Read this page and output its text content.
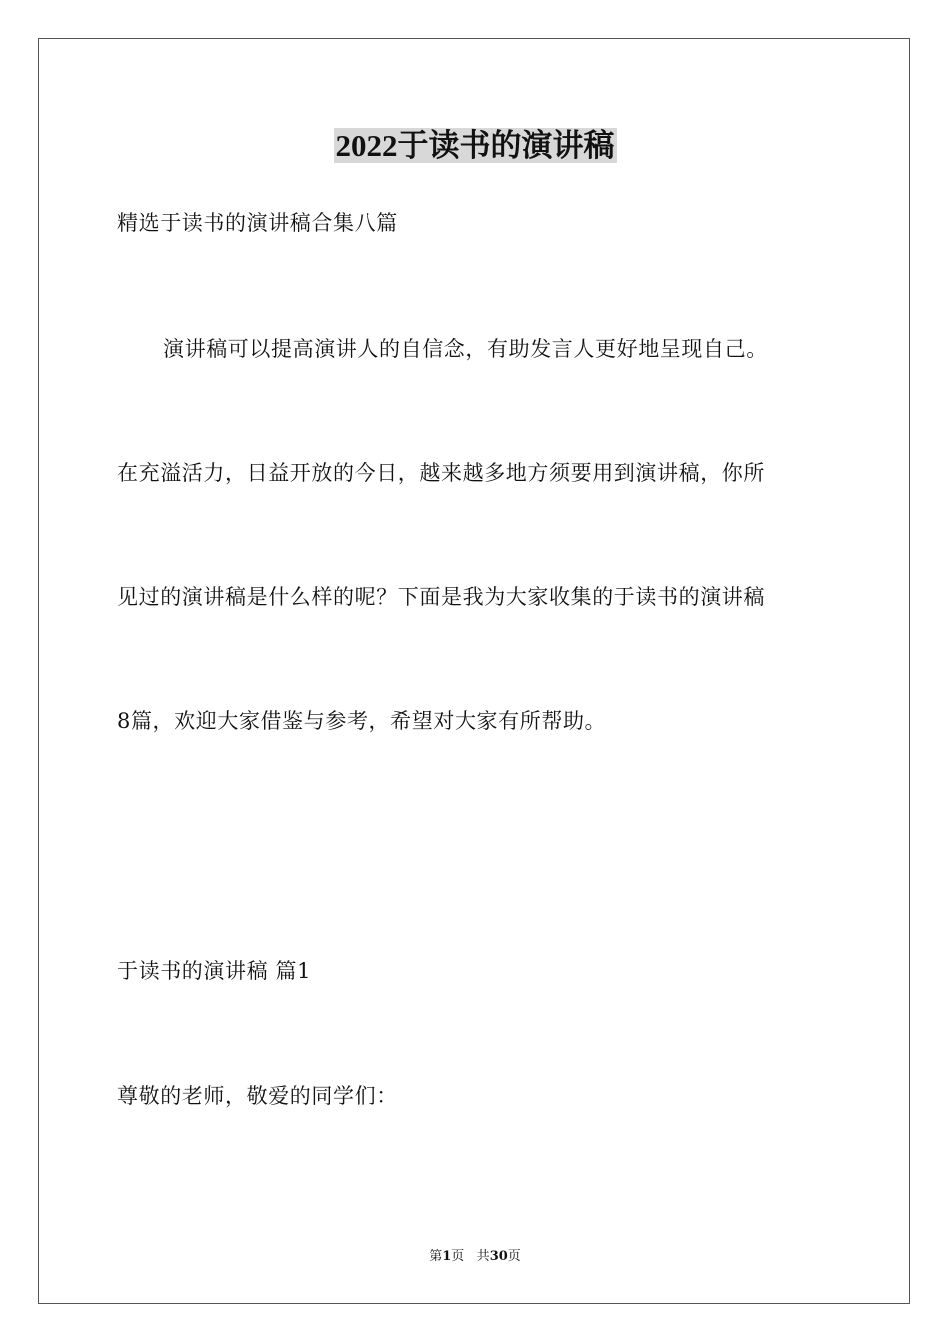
2022于读书的演讲稿
精选于读书的演讲稿合集八篇
演讲稿可以提高演讲人的自信念，有助发言人更好地呈现自己。
在充溢活力，日益开放的今日，越来越多地方须要用到演讲稿，你所
见过的演讲稿是什么样的呢？下面是我为大家收集的于读书的演讲稿
8篇，欢迎大家借鉴与参考，希望对大家有所帮助。
于读书的演讲稿 篇1
尊敬的老师，敬爱的同学们：
第1页 共30页
